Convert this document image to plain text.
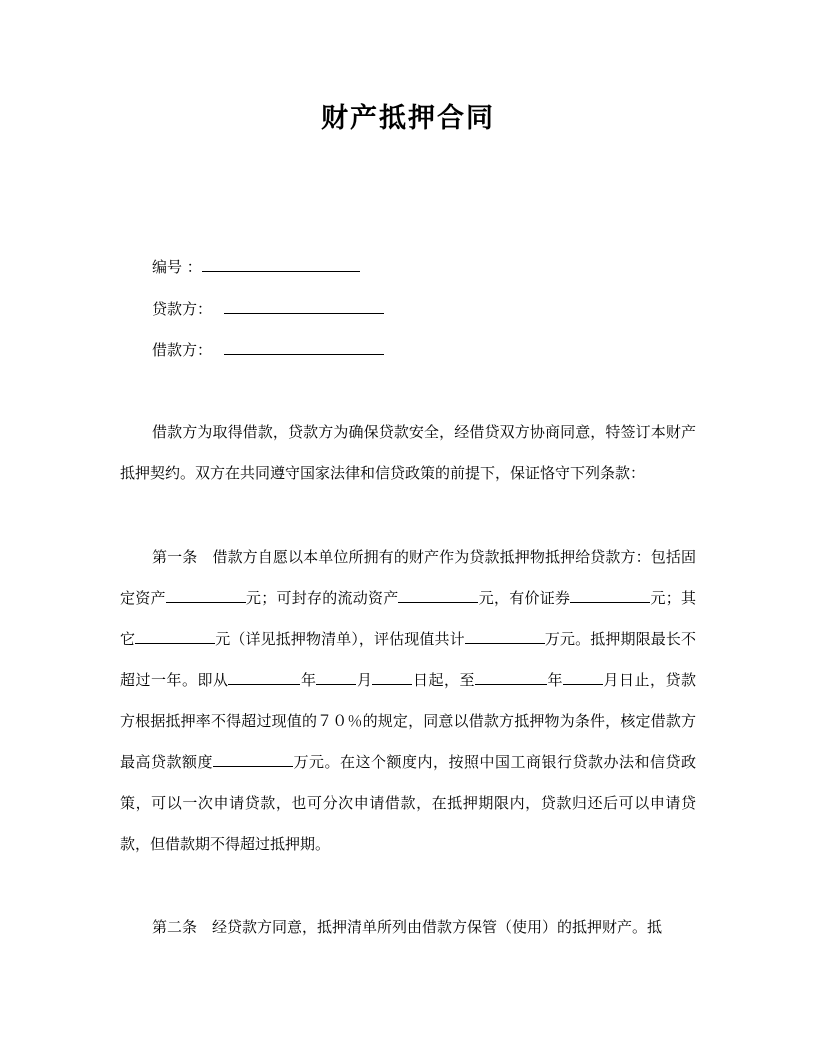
财产抵押合同
编号 ：
贷款方：
借款方：

借款方为取得借款，贷款方为确保贷款安全，经借贷双方协商同意，特签订本财产抵押契约。双方在共同遵守国家法律和信贷政策的前提下，保证恪守下列条款：

第一条　借款方自愿以本单位所拥有的财产作为贷款抵押物抵押给贷款方：包括固定资产	元；可封存的流动资产	元，有价证券	元；其它	元（详见抵押物清单），评估现值共计	万元。抵押期限最长不超过一年。即从	年	月	日起，至	年	月日止，贷款方根据抵押率不得超过现值的７０％的规定，同意以借款方抵押物为条件，核定借款方最高贷款额度	万元。在这个额度内，按照中国工商银行贷款办法和信贷政策，可以一次申请贷款，也可分次申请借款，在抵押期限内，贷款归还后可以申请贷款，但借款期不得超过抵押期。

第二条　经贷款方同意，抵押清单所列由借款方保管（使用）的抵押财产。抵
